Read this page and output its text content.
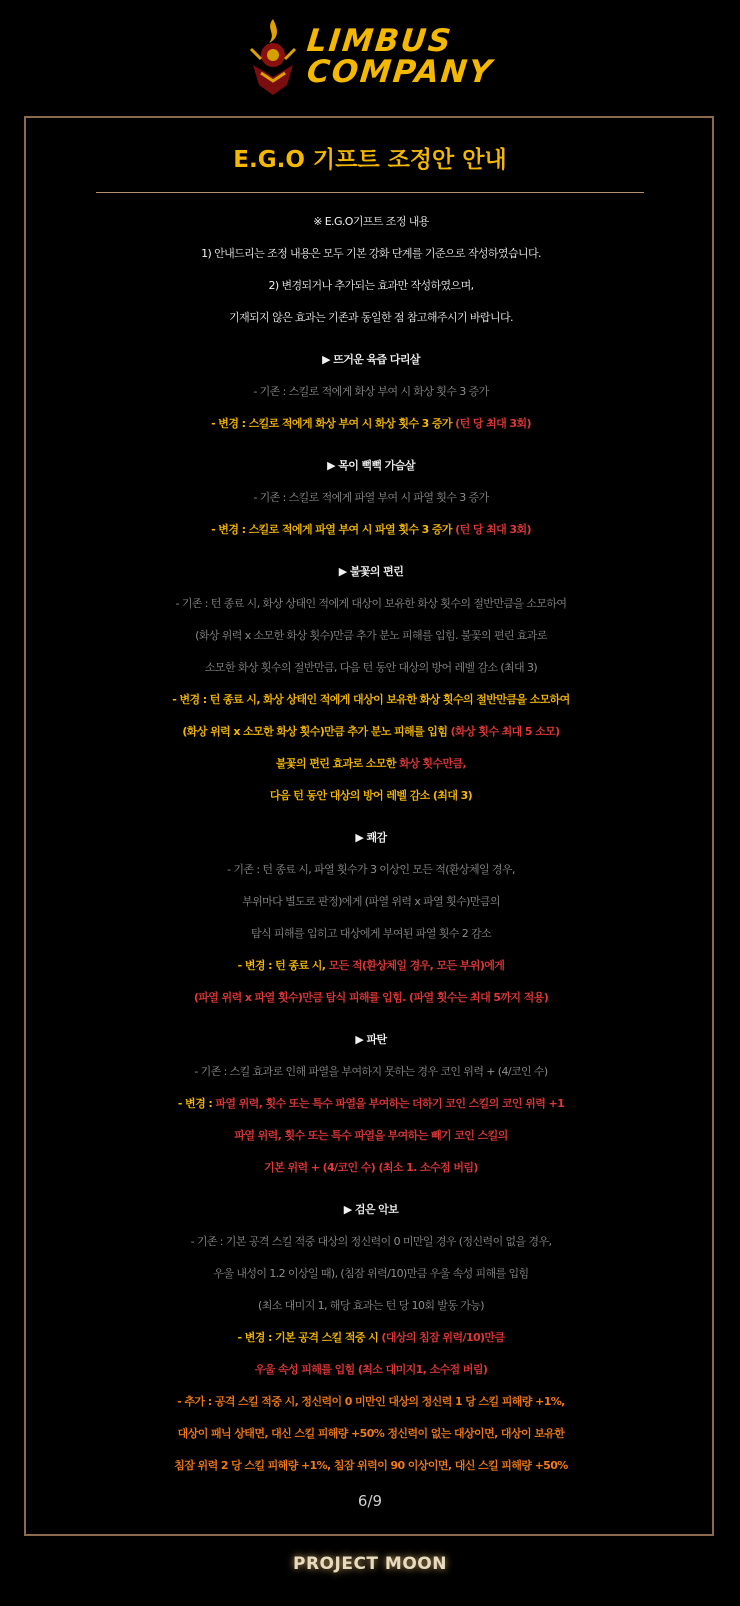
LIMBUS
COMPANY
E.G.O 기프트 조정안 안내
※ E.G.O기프트 조정 내용
1) 안내드리는 조정 내용은 모두 기본 강화 단계를 기준으로 작성하였습니다.
2) 변경되거나 추가되는 효과만 작성하였으며,
기재되지 않은 효과는 기존과 동일한 점 참고해주시기 바랍니다.
▶ 뜨거운 육즙 다리살
- 기존 : 스킬로 적에게 화상 부여 시 화상 횟수 3 증가
- 변경 : 스킬로 적에게 화상 부여 시 화상 횟수 3 증가 (턴 당 최대 3회)
▶ 목이 뻑뻑 가슴살
- 기존 : 스킬로 적에게 파열 부여 시 파열 횟수 3 증가
- 변경 : 스킬로 적에게 파열 부여 시 파열 횟수 3 증가 (턴 당 최대 3회)
▶ 불꽃의 편린
- 기존 : 턴 종료 시, 화상 상태인 적에게 대상이 보유한 화상 횟수의 절반만큼을 소모하여
(화상 위력 x 소모한 화상 횟수)만큼 추가 분노 피해를 입힘. 불꽃의 편린 효과로
소모한 화상 횟수의 절반만큼, 다음 턴 동안 대상의 방어 레벨 감소 (최대 3)
- 변경 : 턴 종료 시, 화상 상태인 적에게 대상이 보유한 화상 횟수의 절반만큼을 소모하여
(화상 위력 x 소모한 화상 횟수)만큼 추가 분노 피해를 입힘 (화상 횟수 최대 5 소모)
불꽃의 편린 효과로 소모한 화상 횟수만큼,
다음 턴 동안 대상의 방어 레벨 감소 (최대 3)
▶ 쾌감
- 기존 : 턴 종료 시, 파열 횟수가 3 이상인 모든 적(환상체일 경우,
부위마다 별도로 판정)에게 (파열 위력 x 파열 횟수)만큼의
탐식 피해를 입히고 대상에게 부여된 파열 횟수 2 감소
- 변경 : 턴 종료 시, 모든 적(환상체일 경우, 모든 부위)에게
(파열 위력 x 파열 횟수)만큼 탐식 피해를 입힘. (파열 횟수는 최대 5까지 적용)
▶ 파탄
- 기존 : 스킬 효과로 인해 파열을 부여하지 못하는 경우 코인 위력 + (4/코인 수)
- 변경 : 파열 위력, 횟수 또는 특수 파열을 부여하는 더하기 코인 스킬의 코인 위력 +1
파열 위력, 횟수 또는 특수 파열을 부여하는 빼기 코인 스킬의
기본 위력 + (4/코인 수) (최소 1. 소수점 버림)
▶ 검은 악보
- 기존 : 기본 공격 스킬 적중 대상의 정신력이 0 미만일 경우 (정신력이 없을 경우,
우울 내성이 1.2 이상일 때), (침잠 위력/10)만큼 우울 속성 피해를 입힘
(최소 대미지 1, 해당 효과는 턴 당 10회 발동 가능)
- 변경 : 기본 공격 스킬 적중 시 (대상의 침잠 위력/10)만큼
우울 속성 피해를 입힘 (최소 대미지1, 소수점 버림)
- 추가 : 공격 스킬 적중 시, 정신력이 0 미만인 대상의 정신력 1 당 스킬 피해량 +1%,
대상이 패닉 상태면, 대신 스킬 피해량 +50% 정신력이 없는 대상이면, 대상이 보유한
침잠 위력 2 당 스킬 피해량 +1%, 침잠 위력이 90 이상이면, 대신 스킬 피해량 +50%
6/9
PROJECT MOON
